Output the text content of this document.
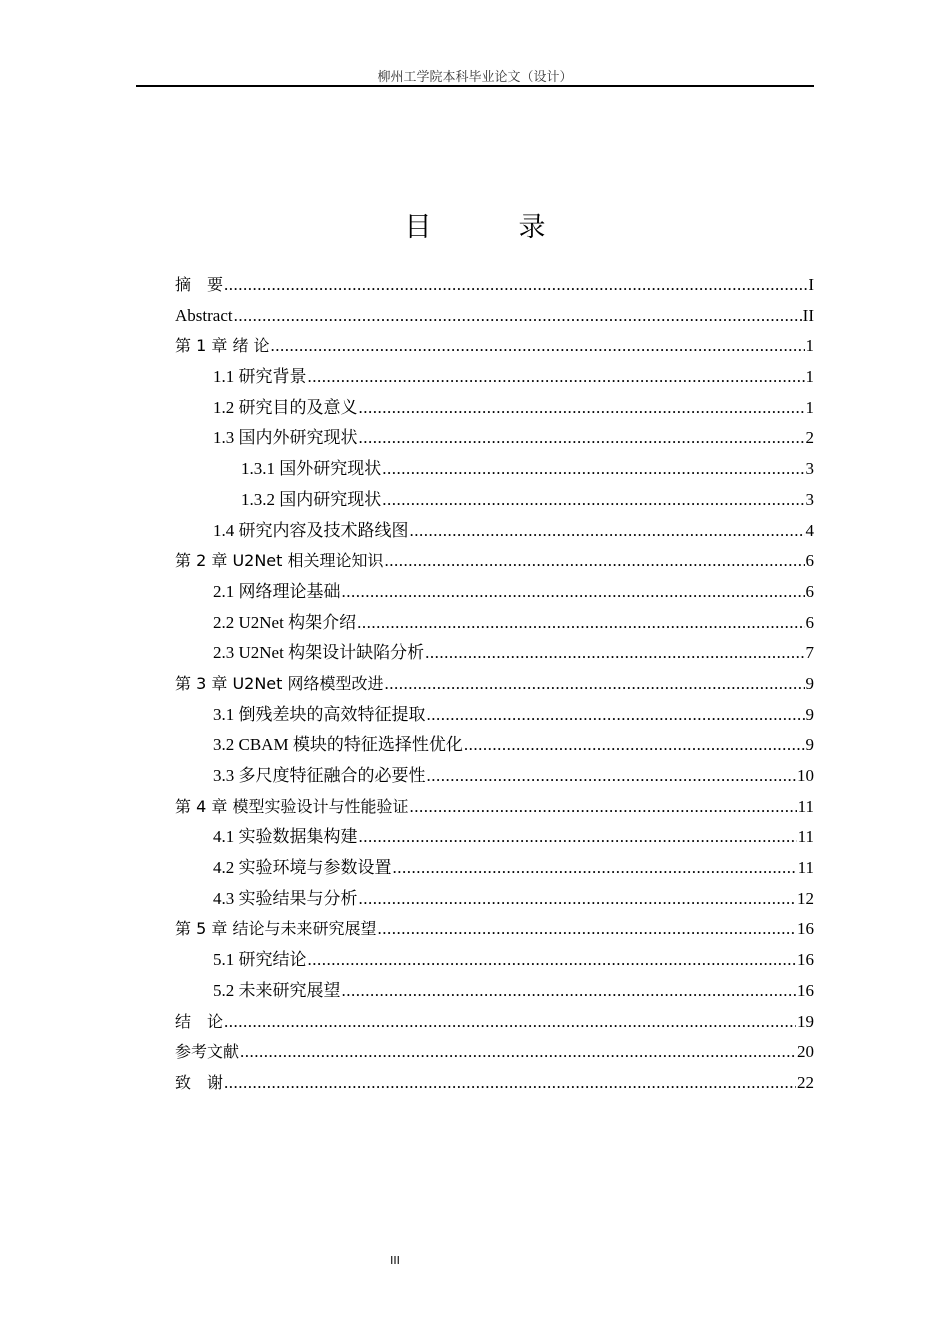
柳州工学院本科毕业论文（设计）
目　录
摘　要 .....	I
Abstract .....	II
第 1 章 绪 论 .....	1
1.1 研究背景 .....	1
1.2 研究目的及意义 .....	1
1.3 国内外研究现状 .....	2
1.3.1 国外研究现状 .....	3
1.3.2 国内研究现状 .....	3
1.4 研究内容及技术路线图 .....	4
第 2 章 U2Net 相关理论知识 .....	6
2.1 网络理论基础 .....	6
2.2 U2Net 构架介绍 .....	6
2.3 U2Net 构架设计缺陷分析 .....	7
第 3 章 U2Net 网络模型改进 .....	9
3.1 倒残差块的高效特征提取 .....	9
3.2 CBAM 模块的特征选择性优化 .....	9
3.3 多尺度特征融合的必要性 .....	10
第 4 章 模型实验设计与性能验证 .....	11
4.1 实验数据集构建 .....	11
4.2 实验环境与参数设置 .....	11
4.3 实验结果与分析 .....	12
第 5 章 结论与未来研究展望 .....	16
5.1 研究结论 .....	16
5.2 未来研究展望 .....	16
结　论 .....	19
参考文献 .....	20
致　谢 .....	22
III
